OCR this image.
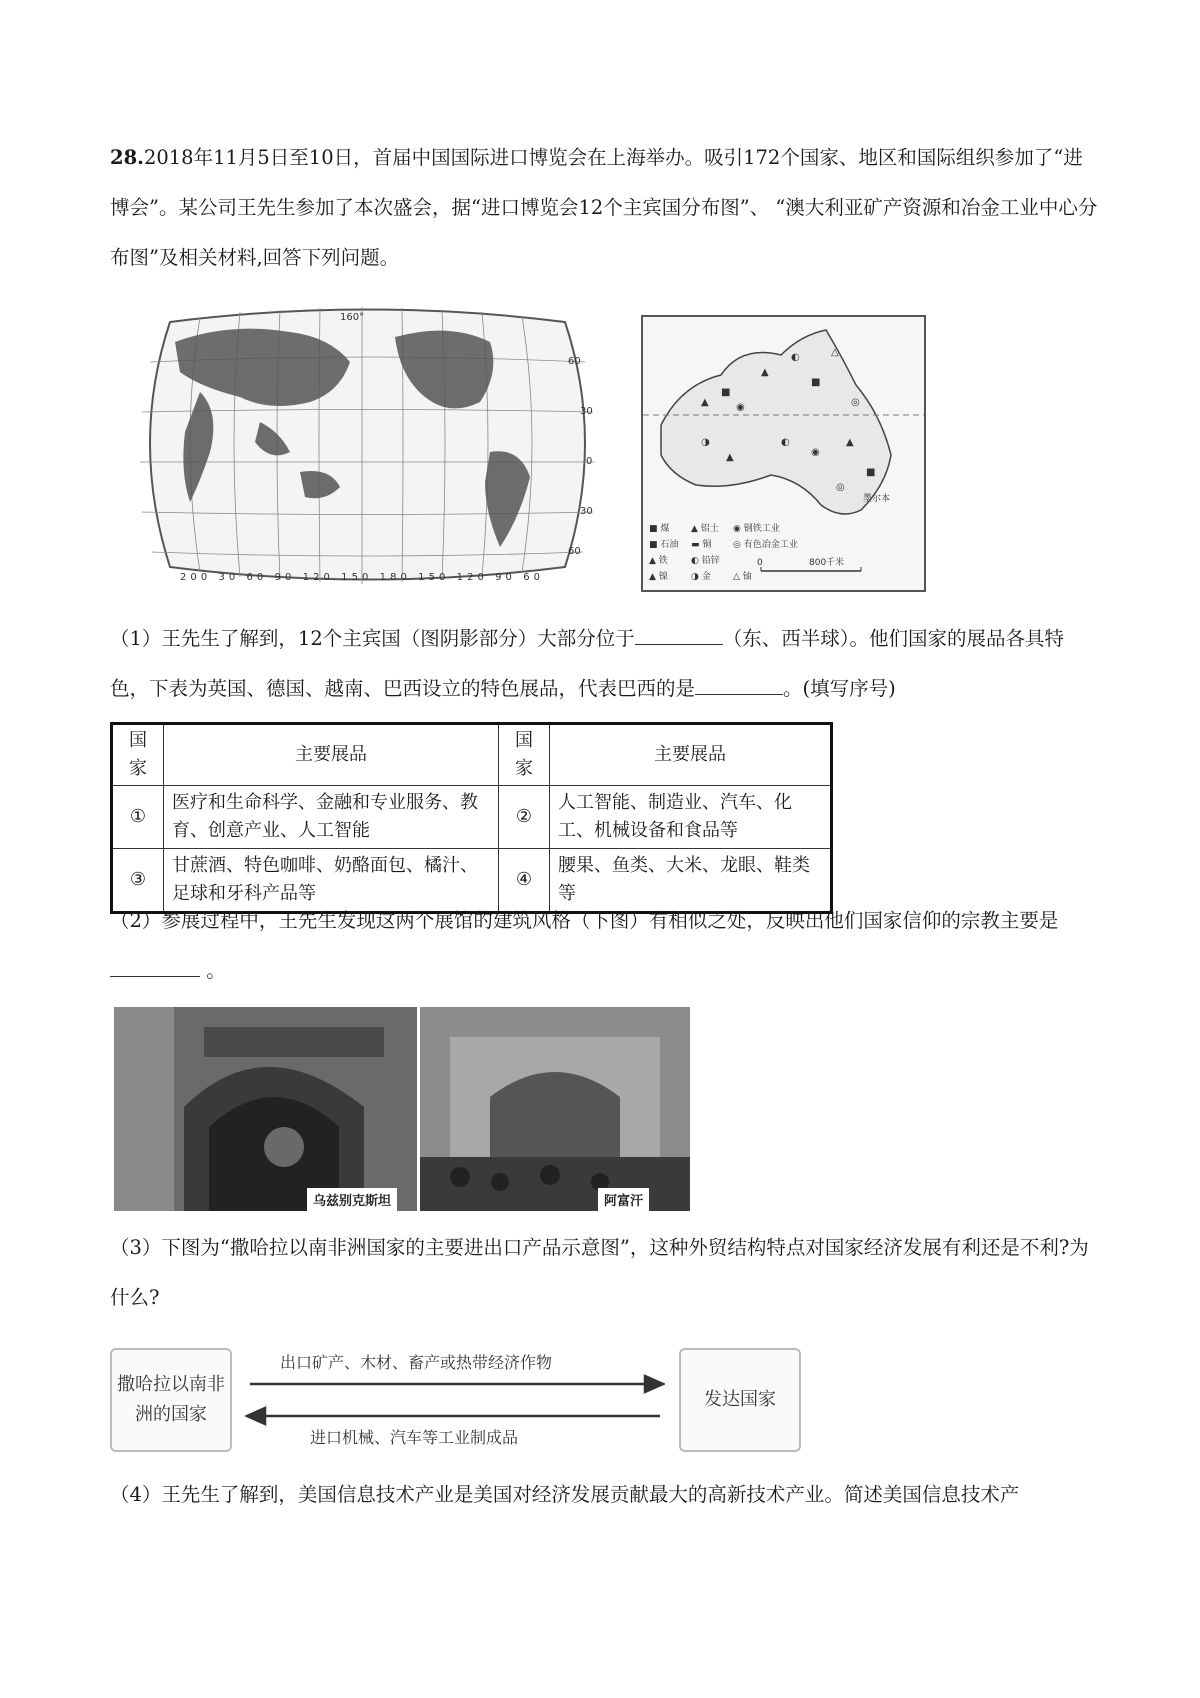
28.2018年11月5日至10日，首届中国国际进口博览会在上海举办。吸引172个国家、地区和国际组织参加了“进博会”。某公司王先生参加了本次盛会，据“进口博览会12个主宾国分布图”、 “澳大利亚矿产资源和冶金工业中心分布图”及相关材料,回答下列问题。
160°
60
30
0
30
60
200 30 60 90 120 150 180 150 120 90 60
▲
■
◉
▲
◐
■
△
◎
◑
▲
◐
◉
▲
■
◎
墨尔本
■ 煤 ▲ 铝土 ◉ 钢铁工业
■ 石油 ▬ 铜 ◎ 有色冶金工业
▲ 铁	◐ 铅锌
▲ 镍	◑ 金 △ 铀
0	800千米
（1）王先生了解到，12个主宾国（图阴影部分）大部分位于	（东、西半球）。他们国家的展品各具特色，下表为英国、德国、越南、巴西设立的特色展品，代表巴西的是	。(填写序号)
国家	主要展品	国家	主要展品
①	医疗和生命科学、金融和专业服务、教育、创意产业、人工智能	②	人工智能、制造业、汽车、化工、机械设备和食品等
③	甘蔗酒、特色咖啡、奶酪面包、橘汁、足球和牙科产品等	④	腰果、鱼类、大米、龙眼、鞋类等
（2）参展过程中，王先生发现这两个展馆的建筑风格（下图）有相似之处，反映出他们国家信仰的宗教主要是 。
乌兹别克斯坦	阿富汗
（3）下图为“撒哈拉以南非洲国家的主要进出口产品示意图”，这种外贸结构特点对国家经济发展有利还是不利?为什么?
撒哈拉以南非洲的国家
发达国家
出口矿产、木材、畜产或热带经济作物
进口机械、汽车等工业制成品
（4）王先生了解到，美国信息技术产业是美国对经济发展贡献最大的高新技术产业。简述美国信息技术产
